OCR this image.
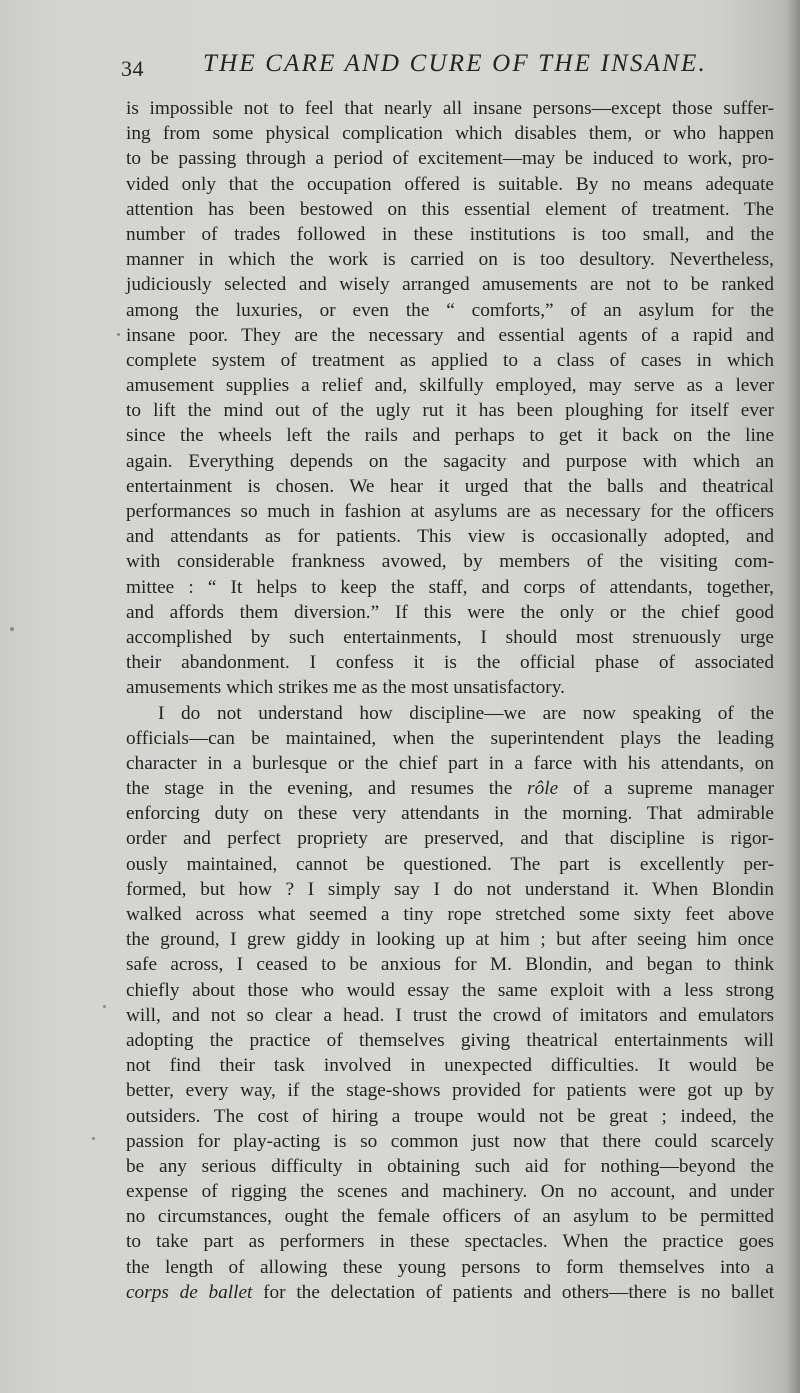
34 THE CARE AND CURE OF THE INSANE.
is impossible not to feel that nearly all insane persons—except those suffer-
ing from some physical complication which disables them, or who happen
to be passing through a period of excitement—may be induced to work, pro-
vided only that the occupation offered is suitable. By no means adequate
attention has been bestowed on this essential element of treatment. The
number of trades followed in these institutions is too small, and the
manner in which the work is carried on is too desultory. Nevertheless,
judiciously selected and wisely arranged amusements are not to be ranked
among the luxuries, or even the “ comforts,” of an asylum for the
insane poor. They are the necessary and essential agents of a rapid and
complete system of treatment as applied to a class of cases in which
amusement supplies a relief and, skilfully employed, may serve as a lever
to lift the mind out of the ugly rut it has been ploughing for itself ever
since the wheels left the rails and perhaps to get it back on the line
again. Everything depends on the sagacity and purpose with which an
entertainment is chosen. We hear it urged that the balls and theatrical
performances so much in fashion at asylums are as necessary for the officers
and attendants as for patients. This view is occasionally adopted, and
with considerable frankness avowed, by members of the visiting com-
mittee : “ It helps to keep the staff, and corps of attendants, together,
and affords them diversion.” If this were the only or the chief good
accomplished by such entertainments, I should most strenuously urge
their abandonment. I confess it is the official phase of associated
amusements which strikes me as the most unsatisfactory.
I do not understand how discipline—we are now speaking of the
officials—can be maintained, when the superintendent plays the leading
character in a burlesque or the chief part in a farce with his attendants, on
the stage in the evening, and resumes the rôle of a supreme manager
enforcing duty on these very attendants in the morning. That admirable
order and perfect propriety are preserved, and that discipline is rigor-
ously maintained, cannot be questioned. The part is excellently per-
formed, but how ? I simply say I do not understand it. When Blondin
walked across what seemed a tiny rope stretched some sixty feet above
the ground, I grew giddy in looking up at him ; but after seeing him once
safe across, I ceased to be anxious for M. Blondin, and began to think
chiefly about those who would essay the same exploit with a less strong
will, and not so clear a head. I trust the crowd of imitators and emulators
adopting the practice of themselves giving theatrical entertainments will
not find their task involved in unexpected difficulties. It would be
better, every way, if the stage-shows provided for patients were got up by
outsiders. The cost of hiring a troupe would not be great ; indeed, the
passion for play-acting is so common just now that there could scarcely
be any serious difficulty in obtaining such aid for nothing—beyond the
expense of rigging the scenes and machinery. On no account, and under
no circumstances, ought the female officers of an asylum to be permitted
to take part as performers in these spectacles. When the practice goes
the length of allowing these young persons to form themselves into a
corps de ballet for the delectation of patients and others—there is no ballet
